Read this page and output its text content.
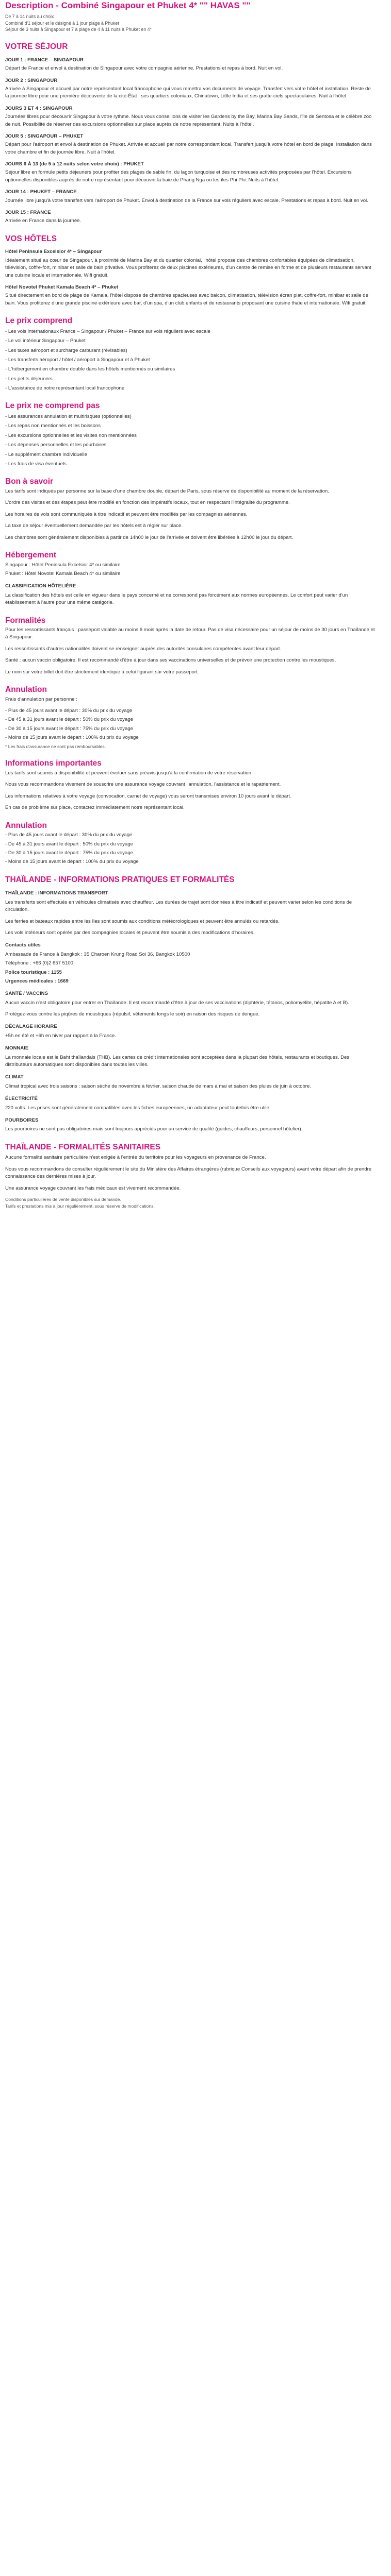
Description - Combiné Singapour et Phuket 4* "" HAVAS ""
De 7 à 14 nuits au choix
Combiné d'1 séjour et le désigné à 1 jour plage à Phuket
Séjour de 3 nuits à Singapour et 7 à plage de 4 à 11 nuits à Phuket en 4*
VOTRE SÉJOUR
JOUR 1 : FRANCE – SINGAPOUR
Départ de France et envol à destination de Singapour avec votre compagnie aérienne. Prestations et repas à bord. Nuit en vol.
JOUR 2 : SINGAPOUR
Arrivée à Singapour et accueil par notre représentant local francophone qui vous remettra vos documents de voyage. Transfert vers votre hôtel et installation. Reste de la journée libre pour une première découverte de la cité-État : ses quartiers coloniaux, Chinatown, Little India et ses gratte-ciels spectaculaires. Nuit à l'hôtel.
JOURS 3 ET 4 : SINGAPOUR
Journées libres pour découvrir Singapour à votre rythme. Nous vous conseillons de visiter les Gardens by the Bay, Marina Bay Sands, l'île de Sentosa et le célèbre zoo de nuit. Possibilité de réserver des excursions optionnelles sur place auprès de notre représentant. Nuits à l'hôtel.
JOUR 5 : SINGAPOUR – PHUKET
Départ pour l'aéroport et envol à destination de Phuket. Arrivée et accueil par notre correspondant local. Transfert jusqu'à votre hôtel en bord de plage. Installation dans votre chambre et fin de journée libre. Nuit à l'hôtel.
JOURS 6 À 13 (de 5 à 12 nuits selon votre choix) : PHUKET
Séjour libre en formule petits déjeuners pour profiter des plages de sable fin, du lagon turquoise et des nombreuses activités proposées par l'hôtel. Excursions optionnelles disponibles auprès de notre représentant pour découvrir la baie de Phang Nga ou les îles Phi Phi. Nuits à l'hôtel.
JOUR 14 : PHUKET – FRANCE
Journée libre jusqu'à votre transfert vers l'aéroport de Phuket. Envol à destination de la France sur vols réguliers avec escale. Prestations et repas à bord. Nuit en vol.
JOUR 15 : FRANCE
Arrivée en France dans la journée.
VOS HÔTELS
Hôtel Peninsula Excelsior 4* – Singapour
Idéalement situé au cœur de Singapour, à proximité de Marina Bay et du quartier colonial, l'hôtel propose des chambres confortables équipées de climatisation, télévision, coffre-fort, minibar et salle de bain privative. Vous profiterez de deux piscines extérieures, d'un centre de remise en forme et de plusieurs restaurants servant une cuisine locale et internationale. Wifi gratuit.
Hôtel Novotel Phuket Kamala Beach 4* – Phuket
Situé directement en bord de plage de Kamala, l'hôtel dispose de chambres spacieuses avec balcon, climatisation, télévision écran plat, coffre-fort, minibar et salle de bain. Vous profiterez d'une grande piscine extérieure avec bar, d'un spa, d'un club enfants et de restaurants proposant une cuisine thaïe et internationale. Wifi gratuit.
Le prix comprend
- Les vols internationaux France – Singapour / Phuket – France sur vols réguliers avec escale
- Le vol intérieur Singapour – Phuket
- Les taxes aéroport et surcharge carburant (révisables)
- Les transferts aéroport / hôtel / aéroport à Singapour et à Phuket
- L'hébergement en chambre double dans les hôtels mentionnés ou similaires
- Les petits déjeuners
- L'assistance de notre représentant local francophone
Le prix ne comprend pas
- Les assurances annulation et multirisques (optionnelles)
- Les repas non mentionnés et les boissons
- Les excursions optionnelles et les visites non mentionnées
- Les dépenses personnelles et les pourboires
- Le supplément chambre individuelle
- Les frais de visa éventuels
Bon à savoir
Les tarifs sont indiqués par personne sur la base d'une chambre double, départ de Paris, sous réserve de disponibilité au moment de la réservation.
L'ordre des visites et des étapes peut être modifié en fonction des impératifs locaux, tout en respectant l'intégralité du programme.
Les horaires de vols sont communiqués à titre indicatif et peuvent être modifiés par les compagnies aériennes.
La taxe de séjour éventuellement demandée par les hôtels est à régler sur place.
Les chambres sont généralement disponibles à partir de 14h00 le jour de l'arrivée et doivent être libérées à 12h00 le jour du départ.
Hébergement
Singapour : Hôtel Peninsula Excelsior 4* ou similaire
Phuket : Hôtel Novotel Kamala Beach 4* ou similaire
CLASSIFICATION HÔTELIÈRE
La classification des hôtels est celle en vigueur dans le pays concerné et ne correspond pas forcément aux normes européennes. Le confort peut varier d'un établissement à l'autre pour une même catégorie.
Formalités
Pour les ressortissants français : passeport valable au moins 6 mois après la date de retour. Pas de visa nécessaire pour un séjour de moins de 30 jours en Thaïlande et à Singapour.
Les ressortissants d'autres nationalités doivent se renseigner auprès des autorités consulaires compétentes avant leur départ.
Santé : aucun vaccin obligatoire. Il est recommandé d'être à jour dans ses vaccinations universelles et de prévoir une protection contre les moustiques.
Le nom sur votre billet doit être strictement identique à celui figurant sur votre passeport.
Annulation
Frais d'annulation par personne :
- Plus de 45 jours avant le départ : 30% du prix du voyage
- De 45 à 31 jours avant le départ : 50% du prix du voyage
- De 30 à 15 jours avant le départ : 75% du prix du voyage
- Moins de 15 jours avant le départ : 100% du prix du voyage
* Les frais d'assurance ne sont pas remboursables.
Informations importantes
Les tarifs sont soumis à disponibilité et peuvent évoluer sans préavis jusqu'à la confirmation de votre réservation.
Nous vous recommandons vivement de souscrire une assurance voyage couvrant l'annulation, l'assistance et le rapatriement.
Les informations relatives à votre voyage (convocation, carnet de voyage) vous seront transmises environ 10 jours avant le départ.
En cas de problème sur place, contactez immédiatement notre représentant local.
Annulation
- Plus de 45 jours avant le départ : 30% du prix du voyage
- De 45 à 31 jours avant le départ : 50% du prix du voyage
- De 30 à 15 jours avant le départ : 75% du prix du voyage
- Moins de 15 jours avant le départ : 100% du prix du voyage
THAÏLANDE - INFORMATIONS PRATIQUES ET FORMALITÉS
THAÏLANDE : INFORMATIONS TRANSPORT
Les transferts sont effectués en véhicules climatisés avec chauffeur. Les durées de trajet sont données à titre indicatif et peuvent varier selon les conditions de circulation.
Les ferries et bateaux rapides entre les îles sont soumis aux conditions météorologiques et peuvent être annulés ou retardés.
Les vols intérieurs sont opérés par des compagnies locales et peuvent être soumis à des modifications d'horaires.
Contacts utiles
Ambassade de France à Bangkok : 35 Charoen Krung Road Soi 36, Bangkok 10500
Téléphone : +66 (0)2 657 5100
Police touristique : 1155
Urgences médicales : 1669
SANTÉ / VACCINS
Aucun vaccin n'est obligatoire pour entrer en Thaïlande. Il est recommandé d'être à jour de ses vaccinations (diphtérie, tétanos, poliomyélite, hépatite A et B).
Protégez-vous contre les piqûres de moustiques (répulsif, vêtements longs le soir) en raison des risques de dengue.
DÉCALAGE HORAIRE
+5h en été et +6h en hiver par rapport à la France.
MONNAIE
La monnaie locale est le Baht thaïlandais (THB). Les cartes de crédit internationales sont acceptées dans la plupart des hôtels, restaurants et boutiques. Des distributeurs automatiques sont disponibles dans toutes les villes.
CLIMAT
Climat tropical avec trois saisons : saison sèche de novembre à février, saison chaude de mars à mai et saison des pluies de juin à octobre.
ÉLECTRICITÉ
220 volts. Les prises sont généralement compatibles avec les fiches européennes, un adaptateur peut toutefois être utile.
POURBOIRES
Les pourboires ne sont pas obligatoires mais sont toujours appréciés pour un service de qualité (guides, chauffeurs, personnel hôtelier).
THAÏLANDE - FORMALITÉS SANITAIRES
Aucune formalité sanitaire particulière n'est exigée à l'entrée du territoire pour les voyageurs en provenance de France.
Nous vous recommandons de consulter régulièrement le site du Ministère des Affaires étrangères (rubrique Conseils aux voyageurs) avant votre départ afin de prendre connaissance des dernières mises à jour.
Une assurance voyage couvrant les frais médicaux est vivement recommandée.
Conditions particulières de vente disponibles sur demande.
Tarifs et prestations mis à jour régulièrement, sous réserve de modifications.
